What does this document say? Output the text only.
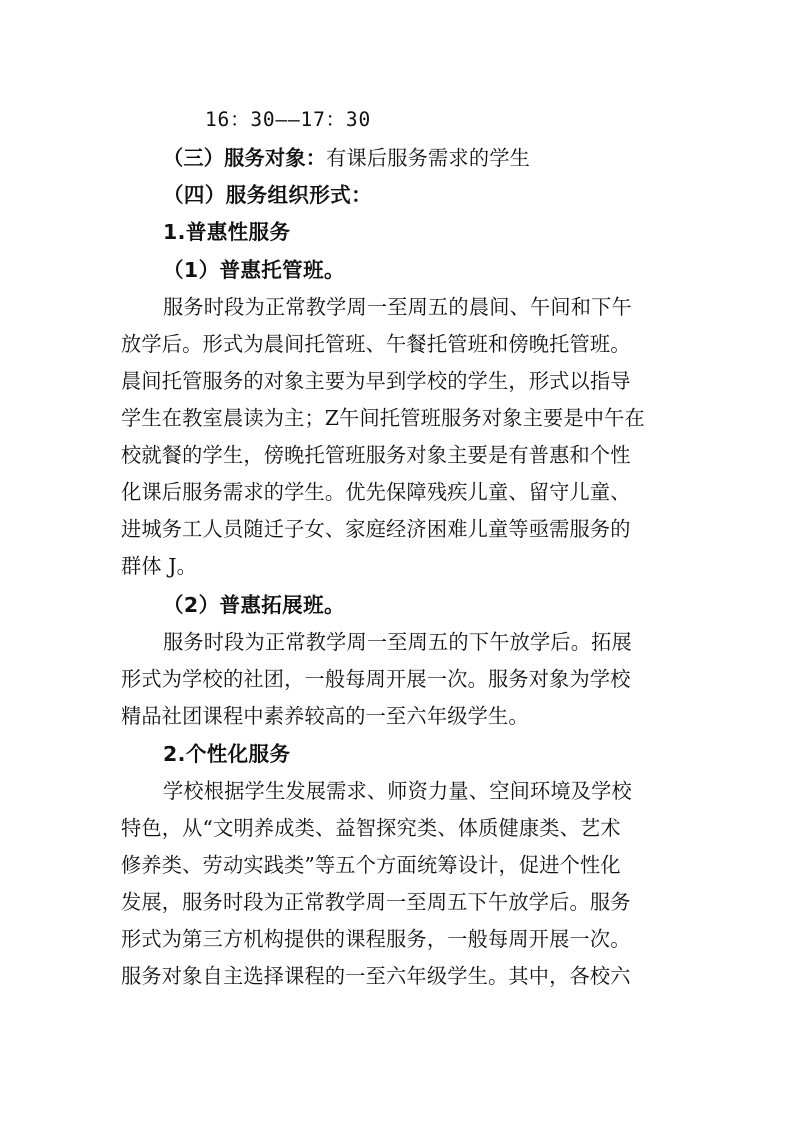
16：30——17：30
（三）服务对象：有课后服务需求的学生
（四）服务组织形式：
1.普惠性服务
（1）普惠托管班。
服务时段为正常教学周一至周五的晨间、午间和下午
放学后。形式为晨间托管班、午餐托管班和傍晚托管班。
晨间托管服务的对象主要为早到学校的学生，形式以指导
学生在教室晨读为主；Z午间托管班服务对象主要是中午在
校就餐的学生，傍晚托管班服务对象主要是有普惠和个性
化课后服务需求的学生。优先保障残疾儿童、留守儿童、
进城务工人员随迁子女、家庭经济困难儿童等亟需服务的
群体 J。
（2）普惠拓展班。
服务时段为正常教学周一至周五的下午放学后。拓展
形式为学校的社团，一般每周开展一次。服务对象为学校
精品社团课程中素养较高的一至六年级学生。
2.个性化服务
学校根据学生发展需求、师资力量、空间环境及学校
特色，从“文明养成类、益智探究类、体质健康类、艺术
修养类、劳动实践类”等五个方面统筹设计，促进个性化
发展，服务时段为正常教学周一至周五下午放学后。服务
形式为第三方机构提供的课程服务，一般每周开展一次。
服务对象自主选择课程的一至六年级学生。其中，各校六
